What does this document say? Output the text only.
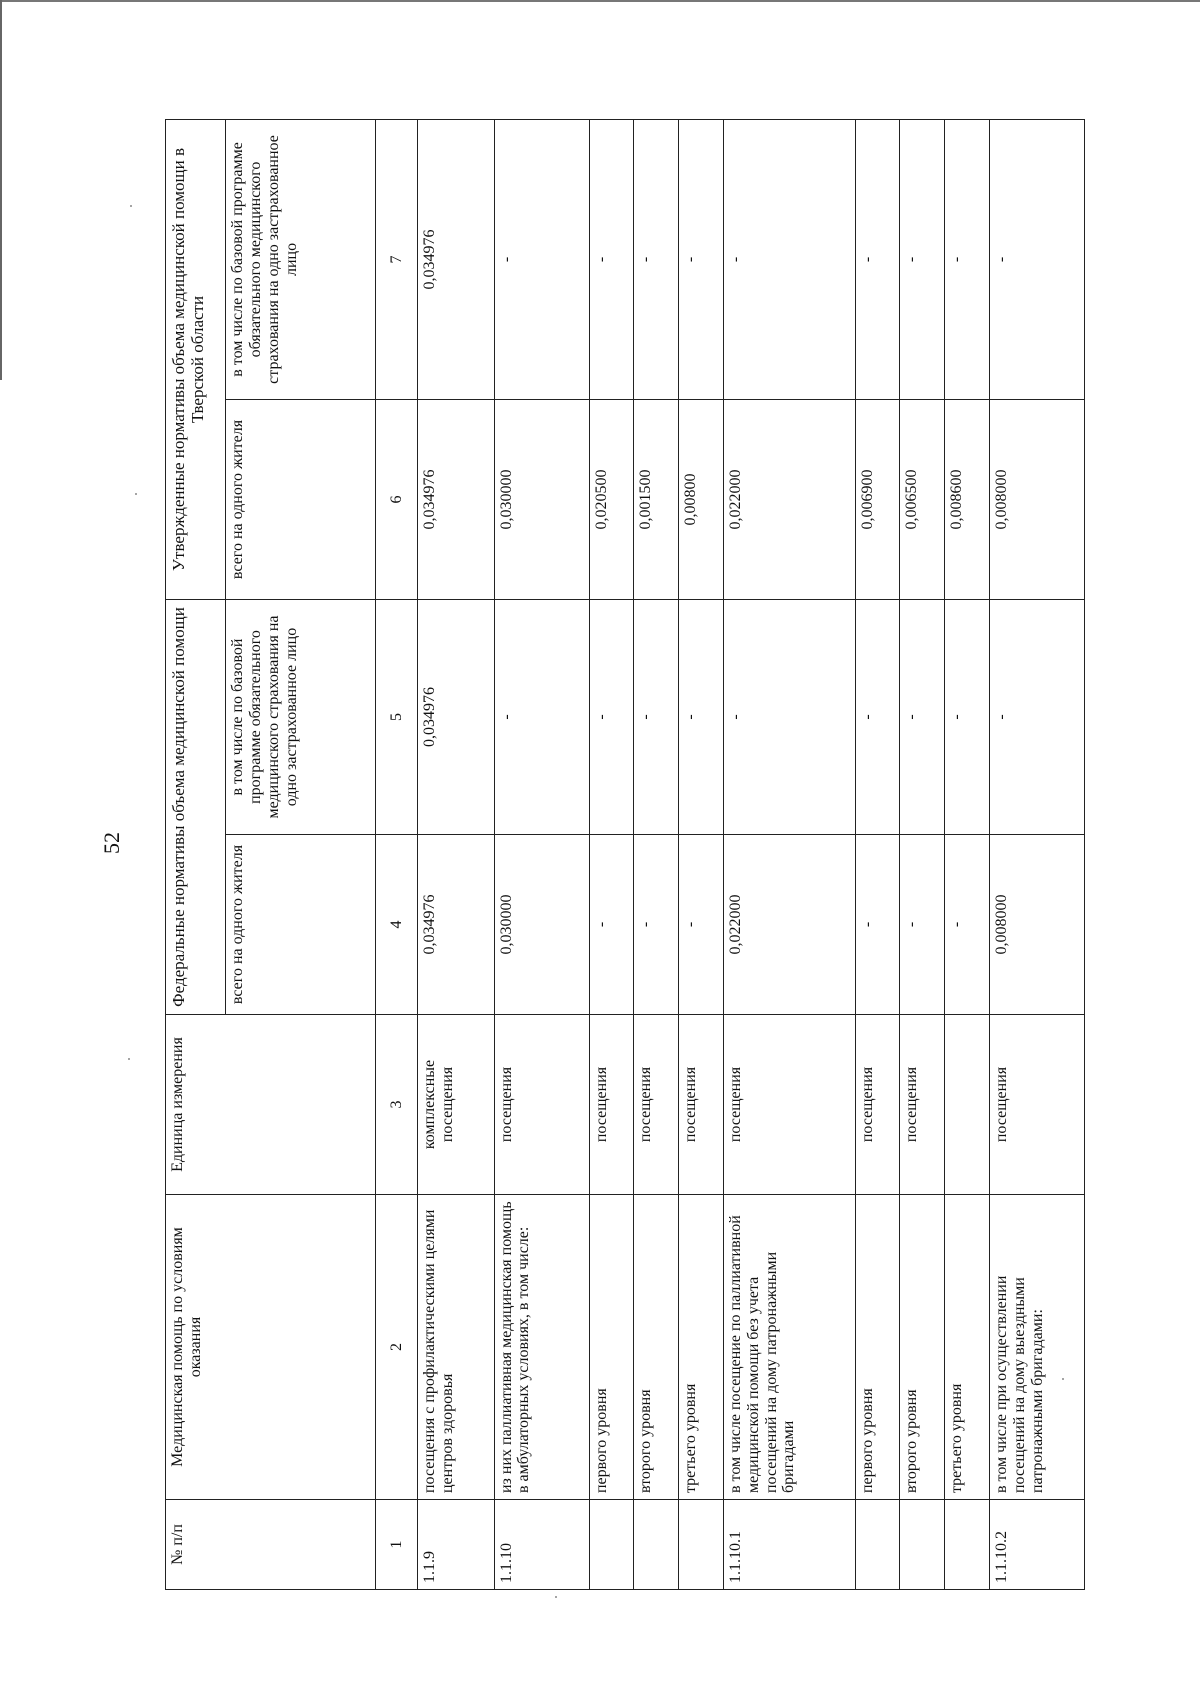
52
№ п/п	Медицинская помощь по условиям оказания	Единица измерения	Федеральные нормативы объема медицинской помощи		Утвержденные нормативы объема медицинской помощи в Тверской области	
			всего на одного жителя	в том числе по базовой программе обязательного медицинского страхования на одно застрахованное лицо	всего на одного жителя	в том числе по базовой программе обязательного медицинского страхования на одно застрахованное лицо
1	2	3	4	5	6	7
1.1.9	посещения с профилактическими целями центров здоровья	комплексные посещения	0,034976	0,034976	0,034976	0,034976
1.1.10	из них паллиативная медицинская помощь в амбулаторных условиях, в том числе:	посещения	0,030000	-	0,030000	-
	первого уровня	посещения	-	-	0,020500	-
	второго уровня	посещения	-	-	0,001500	-
	третьего уровня	посещения	-	-	0,00800	-
1.1.10.1	в том числе посещение по паллиативной медицинской помощи без учета посещений на дому патронажными бригадами	посещения	0,022000	-	0,022000	-
	первого уровня	посещения	-	-	0,006900	-
	второго уровня	посещения	-	-	0,006500	-
	третьего уровня		-	-	0,008600	-
1.1.10.2	в том числе при осуществлении посещений на дому выездными патронажными бригадами:	посещения	0,008000	-	0,008000	-
